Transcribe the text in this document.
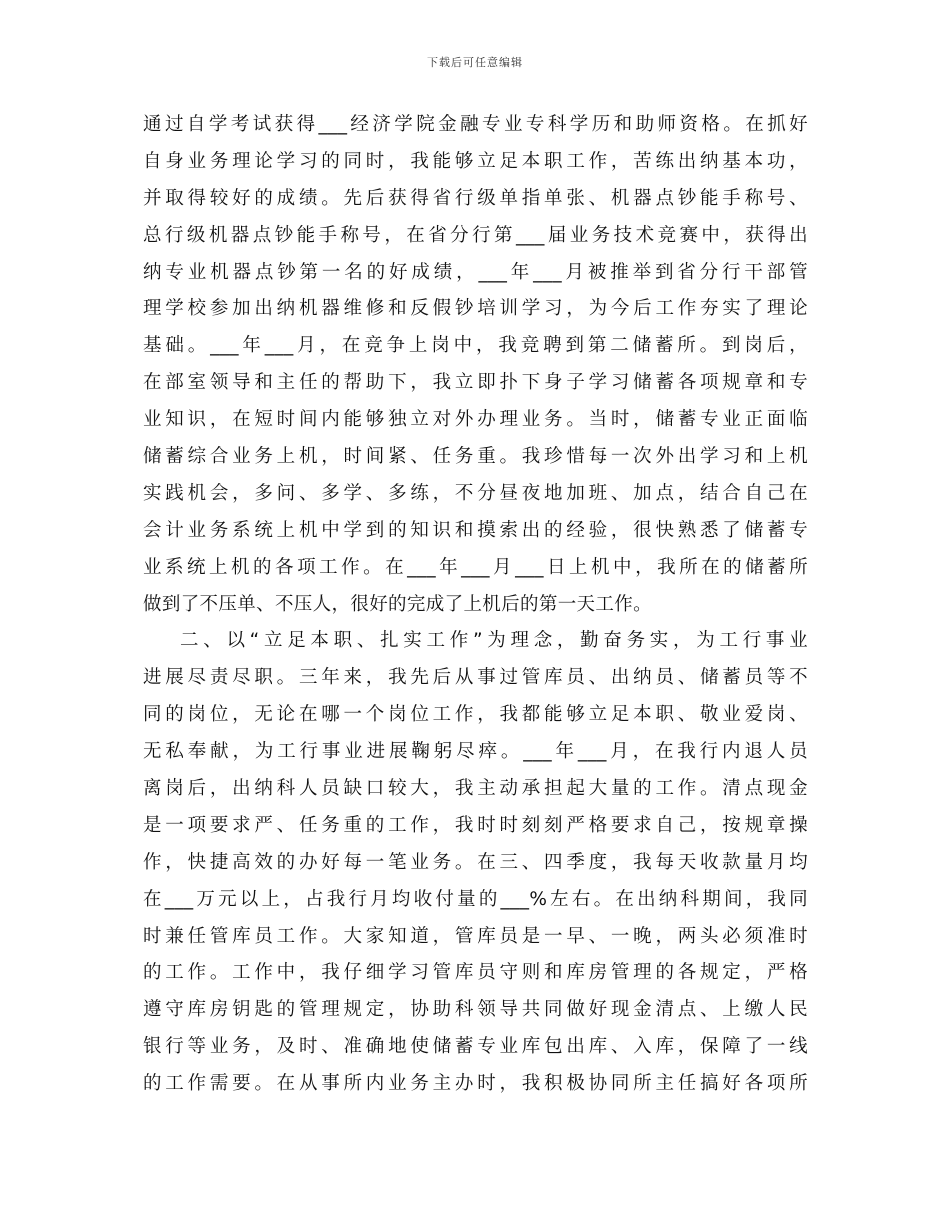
下载后可任意编辑
通过自学考试获得___经济学院金融专业专科学历和助师资格。在抓好
自身业务理论学习的同时，我能够立足本职工作，苦练出纳基本功，
并取得较好的成绩。先后获得省行级单指单张、机器点钞能手称号、
总行级机器点钞能手称号，在省分行第___届业务技术竞赛中，获得出
纳专业机器点钞第一名的好成绩，___年___月被推举到省分行干部管
理学校参加出纳机器维修和反假钞培训学习，为今后工作夯实了理论
基础。___年___月，在竞争上岗中，我竞聘到第二储蓄所。到岗后，
在部室领导和主任的帮助下，我立即扑下身子学习储蓄各项规章和专
业知识，在短时间内能够独立对外办理业务。当时，储蓄专业正面临
储蓄综合业务上机，时间紧、任务重。我珍惜每一次外出学习和上机
实践机会，多问、多学、多练，不分昼夜地加班、加点，结合自己在
会计业务系统上机中学到的知识和摸索出的经验，很快熟悉了储蓄专
业系统上机的各项工作。在___年___月___日上机中，我所在的储蓄所
做到了不压单、不压人，很好的完成了上机后的第一天工作。
二、以“立足本职、扎实工作”为理念，勤奋务实，为工行事业
进展尽责尽职。三年来，我先后从事过管库员、出纳员、储蓄员等不
同的岗位，无论在哪一个岗位工作，我都能够立足本职、敬业爱岗、
无私奉献，为工行事业进展鞠躬尽瘁。___年___月，在我行内退人员
离岗后，出纳科人员缺口较大，我主动承担起大量的工作。清点现金
是一项要求严、任务重的工作，我时时刻刻严格要求自己，按规章操
作，快捷高效的办好每一笔业务。在三、四季度，我每天收款量月均
在___万元以上，占我行月均收付量的___%左右。在出纳科期间，我同
时兼任管库员工作。大家知道，管库员是一早、一晚，两头必须准时
的工作。工作中，我仔细学习管库员守则和库房管理的各规定，严格
遵守库房钥匙的管理规定，协助科领导共同做好现金清点、上缴人民
银行等业务，及时、准确地使储蓄专业库包出库、入库，保障了一线
的工作需要。在从事所内业务主办时，我积极协同所主任搞好各项所
